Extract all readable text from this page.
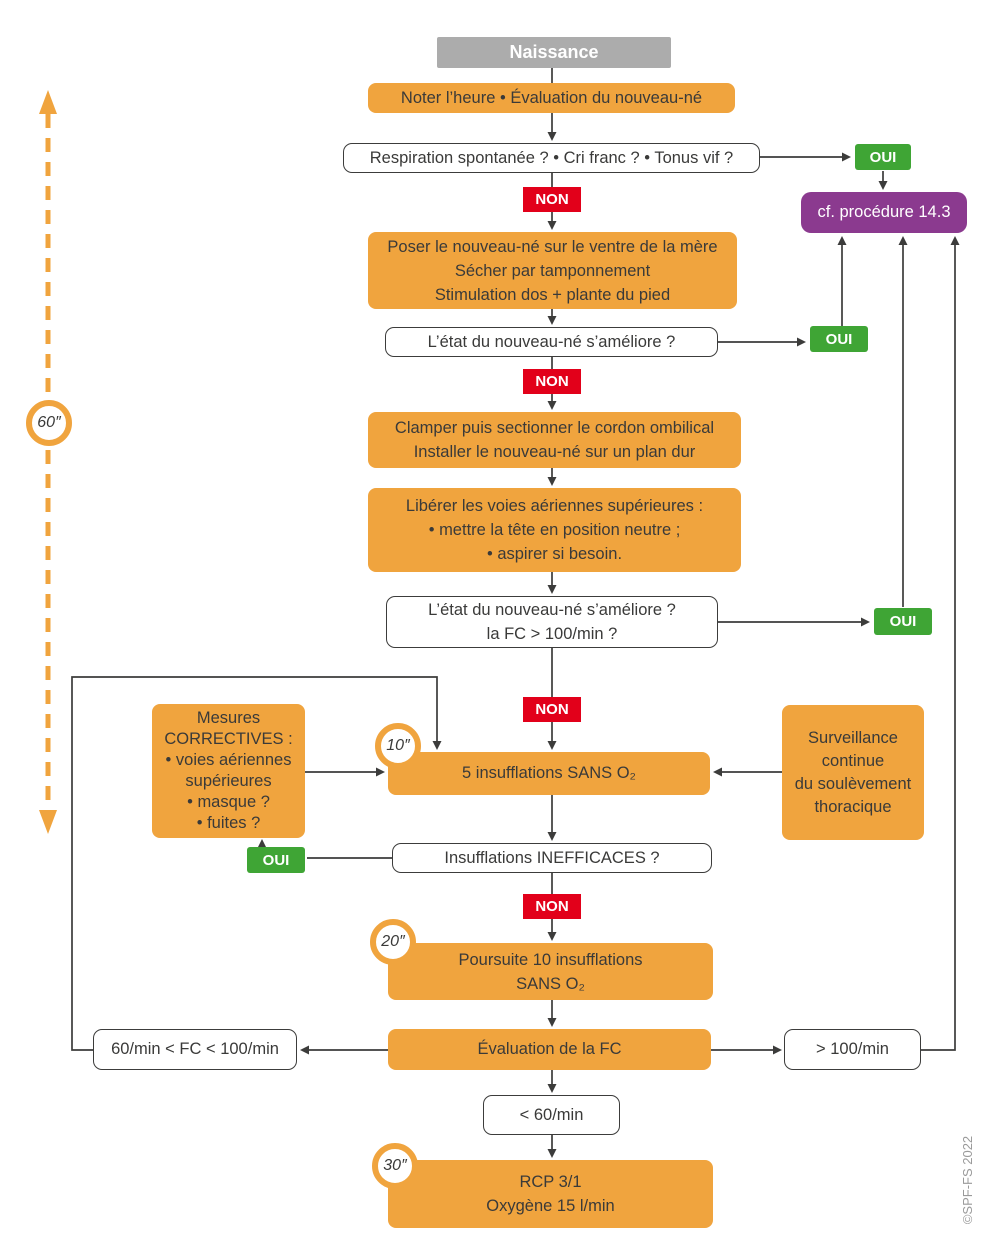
Naissance
Noter l’heure • Évaluation du nouveau-né
Respiration spontanée ? • Cri franc ? • Tonus vif ?	OUI
cf. procédure 14.3
NON
Poser le nouveau-né sur le ventre de la mère
Sécher par tamponnement
Stimulation dos + plante du pied
L’état du nouveau-né s’améliore ?	OUI
NON
Clamper puis sectionner le cordon ombilical
Installer le nouveau-né sur un plan dur
Libérer les voies aériennes supérieures :
• mettre la tête en position neutre ;
• aspirer si besoin.
L’état du nouveau-né s’améliore ?
la FC > 100/min ?
OUI
NON
Mesures
CORRECTIVES :
• voies aériennes
supérieures
• masque ?
• fuites ?
10″
5 insufflations SANS O₂
Surveillance
continue
du soulèvement
thoracique
Insufflations INEFFICACES ?
OUI
NON
20″
Poursuite 10 insufflations
SANS O₂
Évaluation de la FC
60/min < FC < 100/min	> 100/min
< 60/min
30″
RCP 3/1
Oxygène 15 l/min
60″
©SPF-FS 2022
